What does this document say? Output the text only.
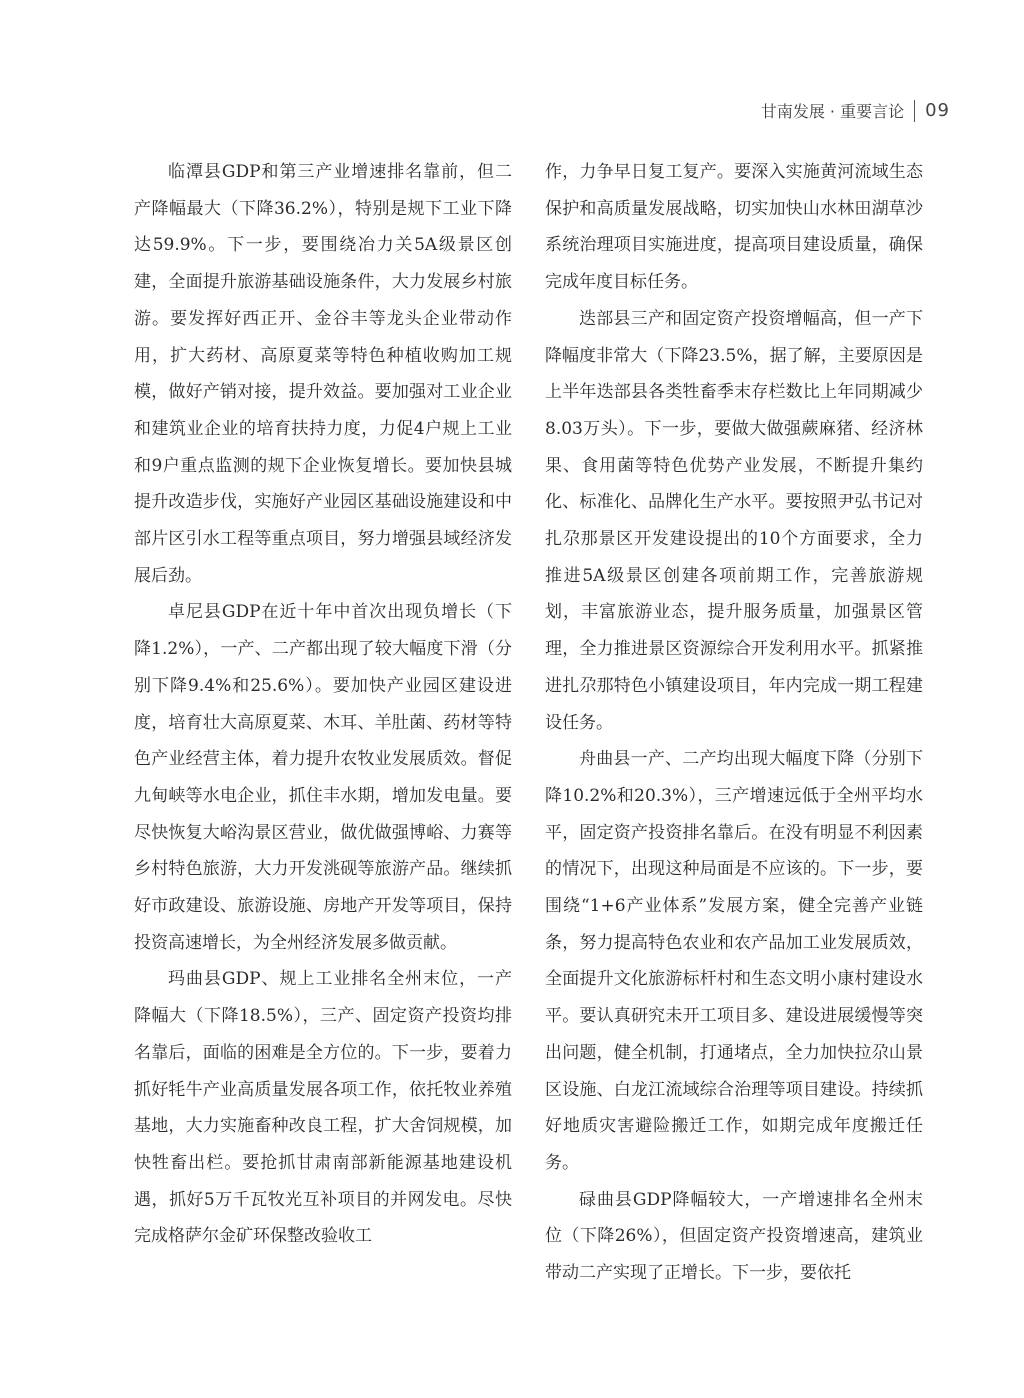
甘南发展 · 重要言论 09

临潭县GDP和第三产业增速排名靠前，但二产降幅最大（下降36.2%），特别是规下工业下降达59.9%。下一步，要围绕冶力关5A级景区创建，全面提升旅游基础设施条件，大力发展乡村旅游。要发挥好西正开、金谷丰等龙头企业带动作用，扩大药材、高原夏菜等特色种植收购加工规模，做好产销对接，提升效益。要加强对工业企业和建筑业企业的培育扶持力度，力促4户规上工业和9户重点监测的规下企业恢复增长。要加快县城提升改造步伐，实施好产业园区基础设施建设和中部片区引水工程等重点项目，努力增强县域经济发展后劲。

卓尼县GDP在近十年中首次出现负增长（下降1.2%），一产、二产都出现了较大幅度下滑（分别下降9.4%和25.6%）。要加快产业园区建设进度，培育壮大高原夏菜、木耳、羊肚菌、药材等特色产业经营主体，着力提升农牧业发展质效。督促九甸峡等水电企业，抓住丰水期，增加发电量。要尽快恢复大峪沟景区营业，做优做强博峪、力赛等乡村特色旅游，大力开发洮砚等旅游产品。继续抓好市政建设、旅游设施、房地产开发等项目，保持投资高速增长，为全州经济发展多做贡献。

玛曲县GDP、规上工业排名全州末位，一产降幅大（下降18.5%），三产、固定资产投资均排名靠后，面临的困难是全方位的。下一步，要着力抓好牦牛产业高质量发展各项工作，依托牧业养殖基地，大力实施畜种改良工程，扩大舍饲规模，加快牲畜出栏。要抢抓甘肃南部新能源基地建设机遇，抓好5万千瓦牧光互补项目的并网发电。尽快完成格萨尔金矿环保整改验收工

作，力争早日复工复产。要深入实施黄河流域生态保护和高质量发展战略，切实加快山水林田湖草沙系统治理项目实施进度，提高项目建设质量，确保完成年度目标任务。

迭部县三产和固定资产投资增幅高，但一产下降幅度非常大（下降23.5%，据了解，主要原因是上半年迭部县各类牲畜季末存栏数比上年同期减少8.03万头）。下一步，要做大做强蕨麻猪、经济林果、食用菌等特色优势产业发展，不断提升集约化、标准化、品牌化生产水平。要按照尹弘书记对扎尕那景区开发建设提出的10个方面要求，全力推进5A级景区创建各项前期工作，完善旅游规划，丰富旅游业态，提升服务质量，加强景区管理，全力推进景区资源综合开发利用水平。抓紧推进扎尕那特色小镇建设项目，年内完成一期工程建设任务。

舟曲县一产、二产均出现大幅度下降（分别下降10.2%和20.3%），三产增速远低于全州平均水平，固定资产投资排名靠后。在没有明显不利因素的情况下，出现这种局面是不应该的。下一步，要围绕“1+6产业体系”发展方案，健全完善产业链条，努力提高特色农业和农产品加工业发展质效，全面提升文化旅游标杆村和生态文明小康村建设水平。要认真研究未开工项目多、建设进展缓慢等突出问题，健全机制，打通堵点，全力加快拉尕山景区设施、白龙江流域综合治理等项目建设。持续抓好地质灾害避险搬迁工作，如期完成年度搬迁任务。

碌曲县GDP降幅较大，一产增速排名全州末位（下降26%），但固定资产投资增速高，建筑业带动二产实现了正增长。下一步，要依托
